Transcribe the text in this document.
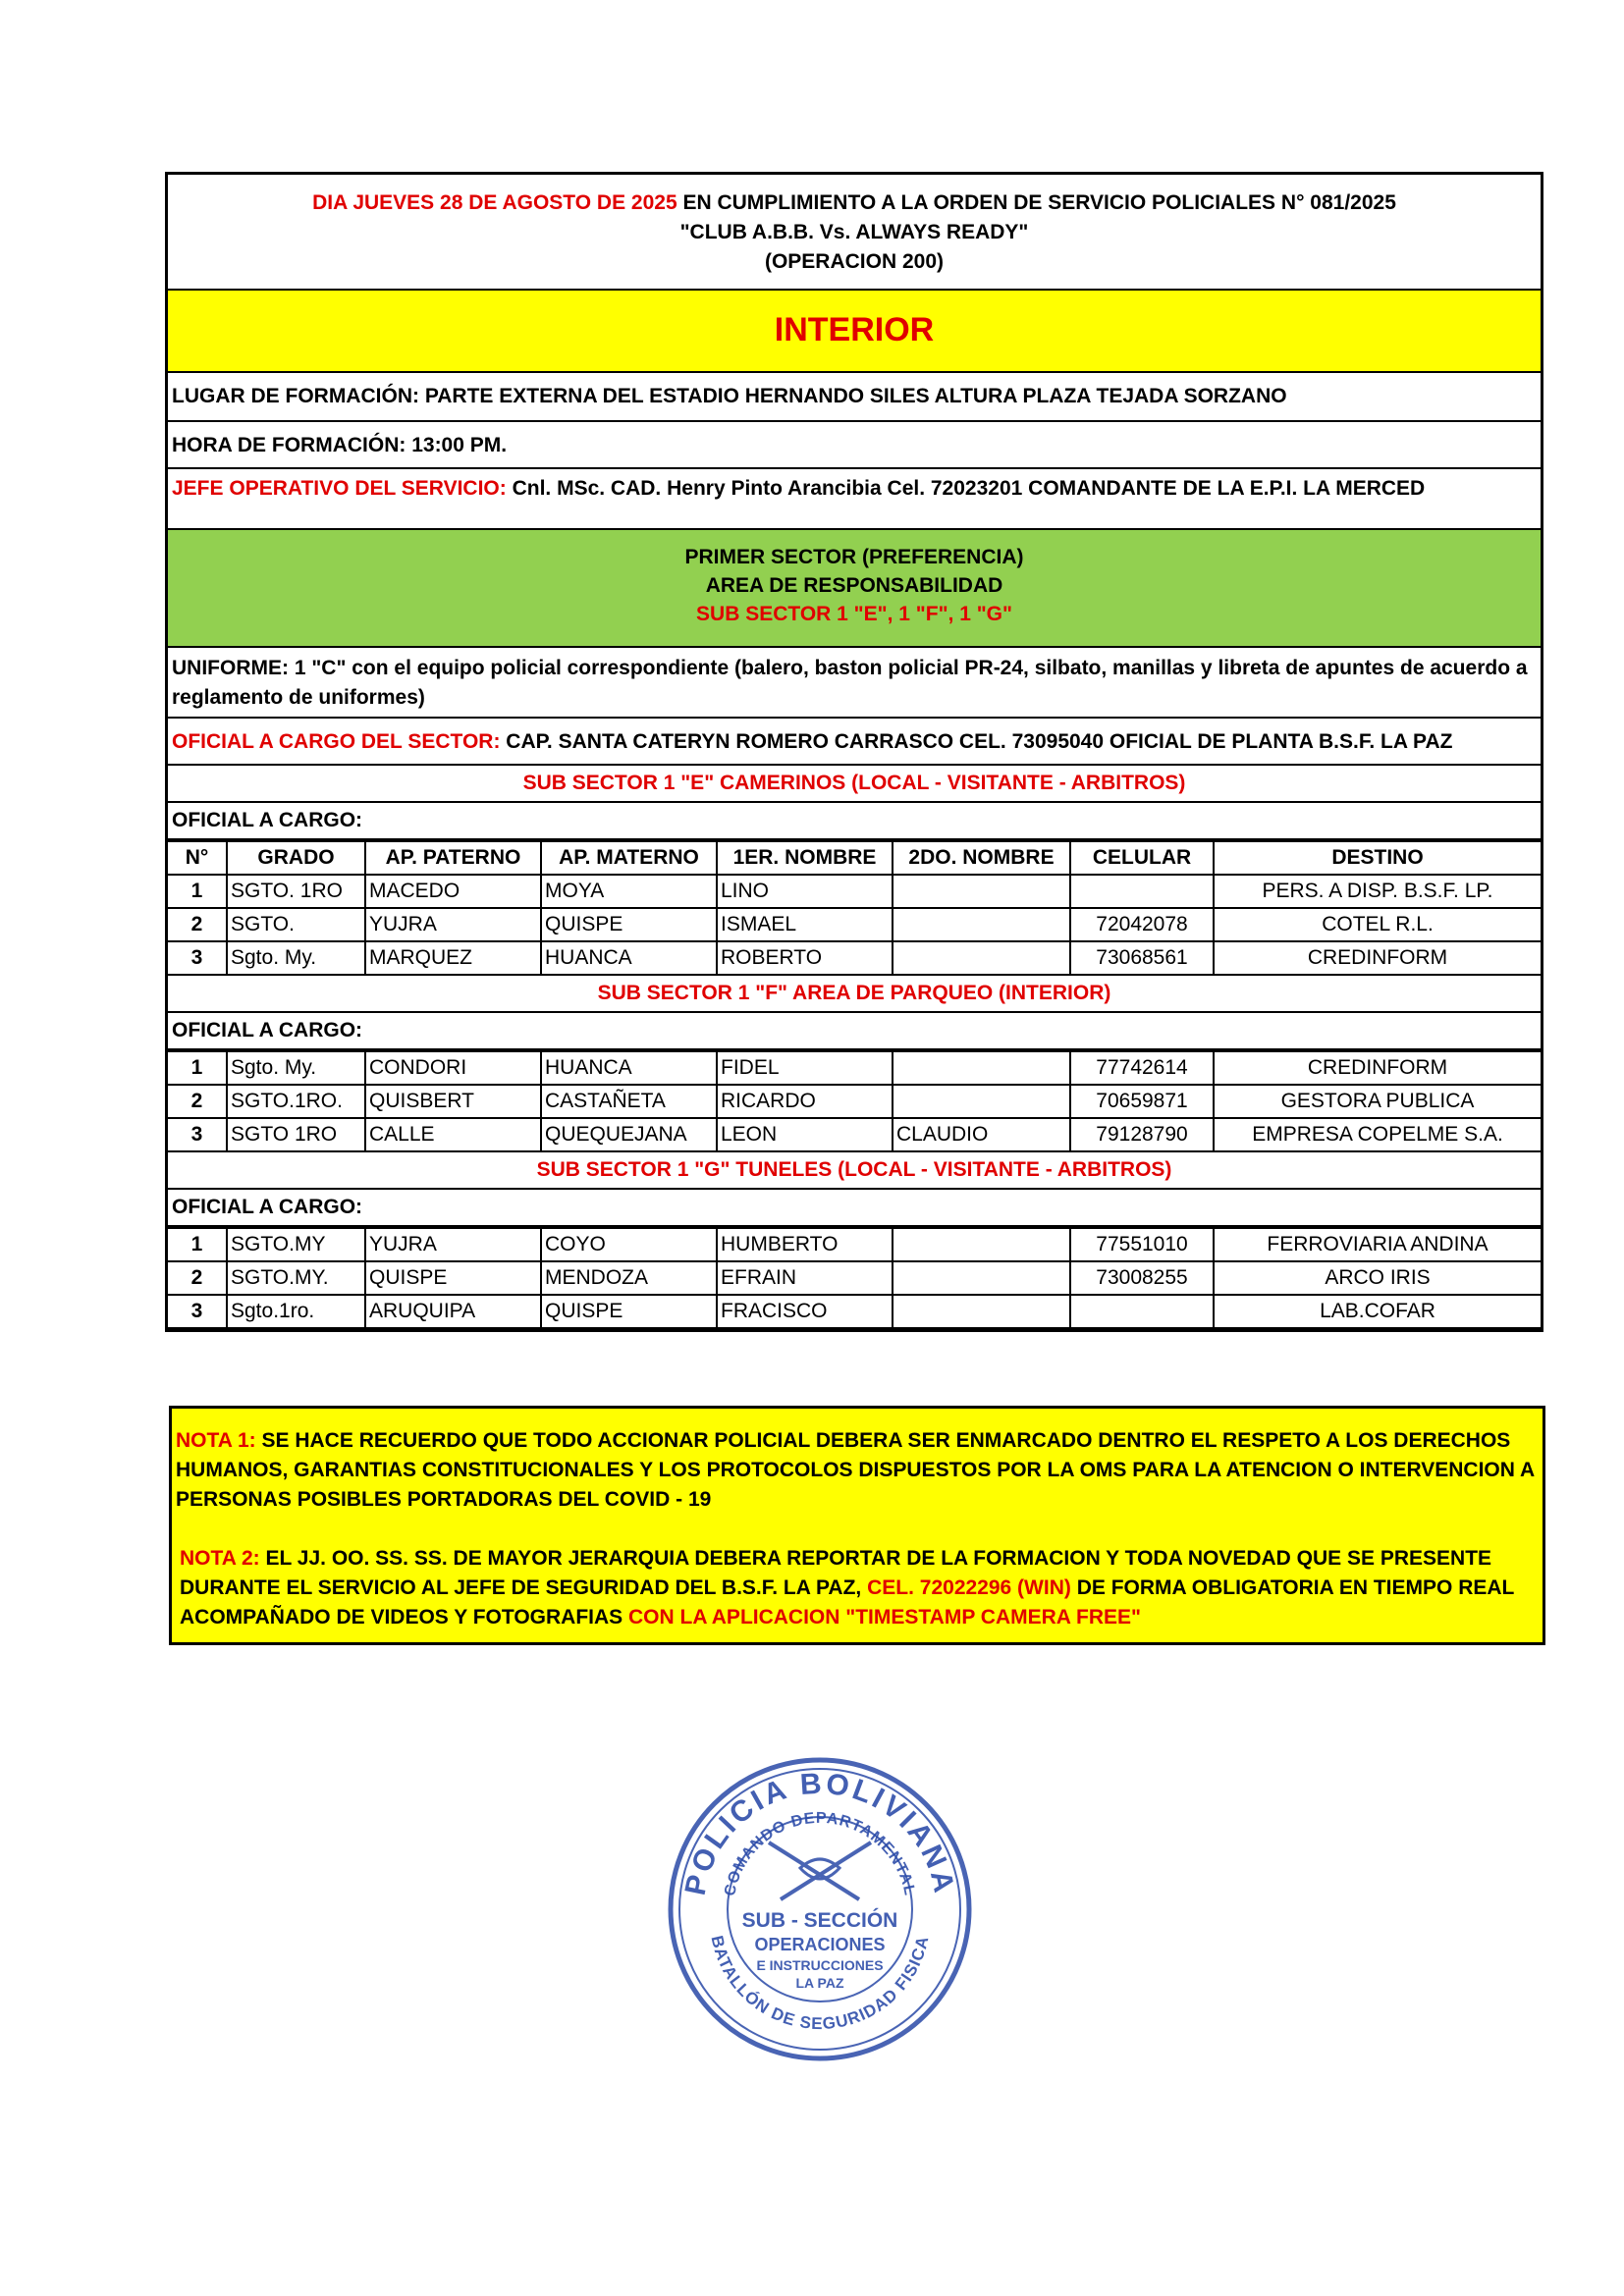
DIA JUEVES 28 DE AGOSTO DE 2025 EN CUMPLIMIENTO A LA ORDEN DE SERVICIO POLICIALES N° 081/2025
"CLUB A.B.B. Vs. ALWAYS READY"
(OPERACION 200)
INTERIOR
LUGAR DE FORMACIÓN: PARTE EXTERNA DEL ESTADIO HERNANDO SILES ALTURA PLAZA TEJADA SORZANO
HORA DE FORMACIÓN: 13:00 PM.
JEFE OPERATIVO DEL SERVICIO: Cnl. MSc. CAD. Henry Pinto Arancibia Cel. 72023201 COMANDANTE DE LA E.P.I. LA MERCED
PRIMER SECTOR (PREFERENCIA)
AREA DE RESPONSABILIDAD
SUB SECTOR 1 "E", 1 "F", 1 "G"
UNIFORME: 1 "C" con el equipo policial correspondiente (balero, baston policial PR-24, silbato, manillas y libreta de apuntes de acuerdo a reglamento de uniformes)
OFICIAL A CARGO DEL SECTOR: CAP. SANTA CATERYN ROMERO CARRASCO CEL. 73095040 OFICIAL DE PLANTA B.S.F. LA PAZ
SUB SECTOR 1 "E" CAMERINOS (LOCAL - VISITANTE - ARBITROS)
OFICIAL A CARGO:
N°	GRADO	AP. PATERNO	AP. MATERNO	1ER. NOMBRE	2DO. NOMBRE	CELULAR	DESTINO
1	SGTO. 1RO	MACEDO	MOYA	LINO			PERS. A DISP. B.S.F. LP.
2	SGTO.	YUJRA	QUISPE	ISMAEL		72042078	COTEL R.L.
3	Sgto. My.	MARQUEZ	HUANCA	ROBERTO		73068561	CREDINFORM
SUB SECTOR 1 "F" AREA DE PARQUEO (INTERIOR)
OFICIAL A CARGO:
1	Sgto. My.	CONDORI	HUANCA	FIDEL		77742614	CREDINFORM
2	SGTO.1RO.	QUISBERT	CASTAÑETA	RICARDO		70659871	GESTORA PUBLICA
3	SGTO 1RO	CALLE	QUEQUEJANA	LEON	CLAUDIO	79128790	EMPRESA COPELME S.A.
SUB SECTOR 1 "G" TUNELES (LOCAL - VISITANTE - ARBITROS)
OFICIAL A CARGO:
1	SGTO.MY	YUJRA	COYO	HUMBERTO		77551010	FERROVIARIA ANDINA
2	SGTO.MY.	QUISPE	MENDOZA	EFRAIN		73008255	ARCO IRIS
3	Sgto.1ro.	ARUQUIPA	QUISPE	FRACISCO			LAB.COFAR

NOTA 1: SE HACE RECUERDO QUE TODO ACCIONAR POLICIAL DEBERA SER ENMARCADO DENTRO EL RESPETO A LOS DERECHOS HUMANOS, GARANTIAS CONSTITUCIONALES Y LOS PROTOCOLOS DISPUESTOS POR LA OMS PARA LA ATENCION O INTERVENCION A PERSONAS POSIBLES PORTADORAS DEL COVID - 19

NOTA 2: EL JJ. OO. SS. SS. DE MAYOR JERARQUIA DEBERA REPORTAR DE LA FORMACION Y TODA NOVEDAD QUE SE PRESENTE DURANTE EL SERVICIO AL JEFE DE SEGURIDAD DEL B.S.F. LA PAZ, CEL. 72022296 (WIN) DE FORMA OBLIGATORIA EN TIEMPO REAL ACOMPAÑADO DE VIDEOS Y FOTOGRAFIAS CON LA APLICACION "TIMESTAMP CAMERA FREE"

POLICIA BOLIVIANA
COMANDO DEPARTAMENTAL
BATALLÓN DE SEGURIDAD FISICA
SUB - SECCIÓN
OPERACIONES
E INSTRUCCIONES
LA PAZ
